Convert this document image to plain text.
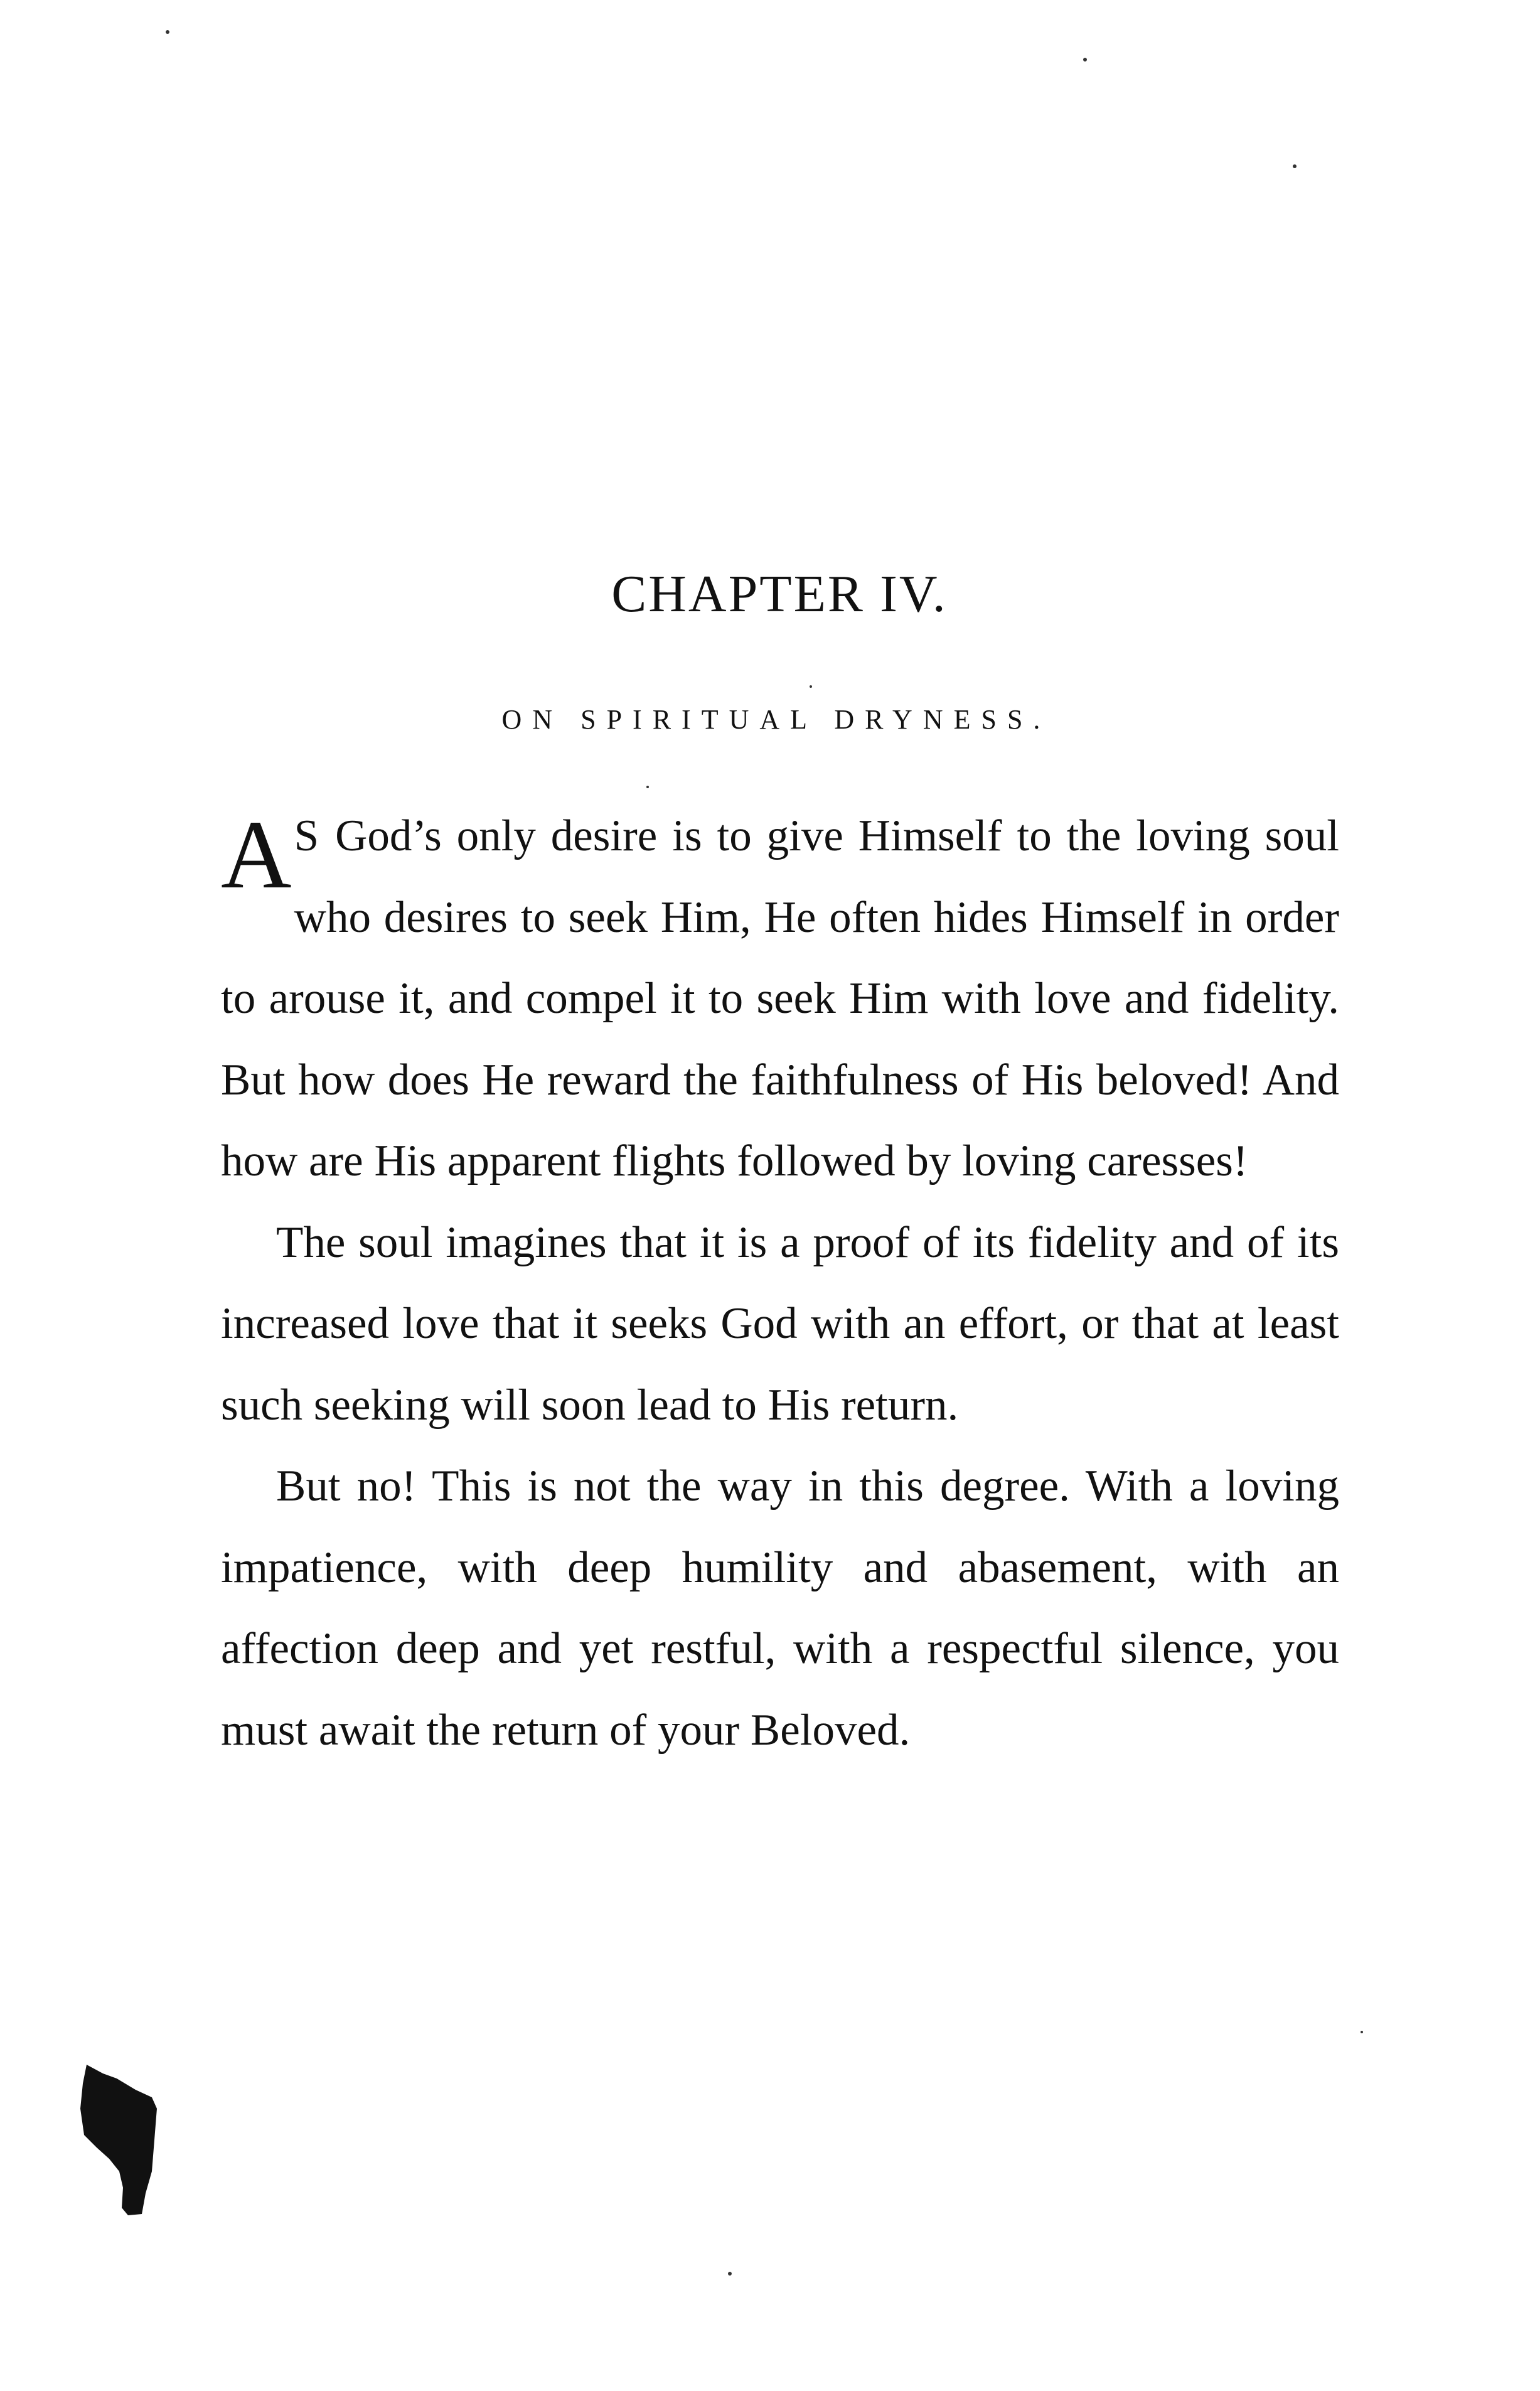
CHAPTER IV.
ON SPIRITUAL DRYNESS.

A S God’s only desire is to give Himself to the loving soul who desires to seek Him, He often hides Himself in order to arouse it, and compel it to seek Him with love and fidelity. But how does He reward the faithfulness of His beloved! And how are His apparent flights followed by loving caresses!

The soul imagines that it is a proof of its fidelity and of its increased love that it seeks God with an effort, or that at least such seeking will soon lead to His return.

But no! This is not the way in this degree. With a loving impatience, with deep humility and abasement, with an affection deep and yet restful, with a respectful silence, you must await the return of your Beloved.
